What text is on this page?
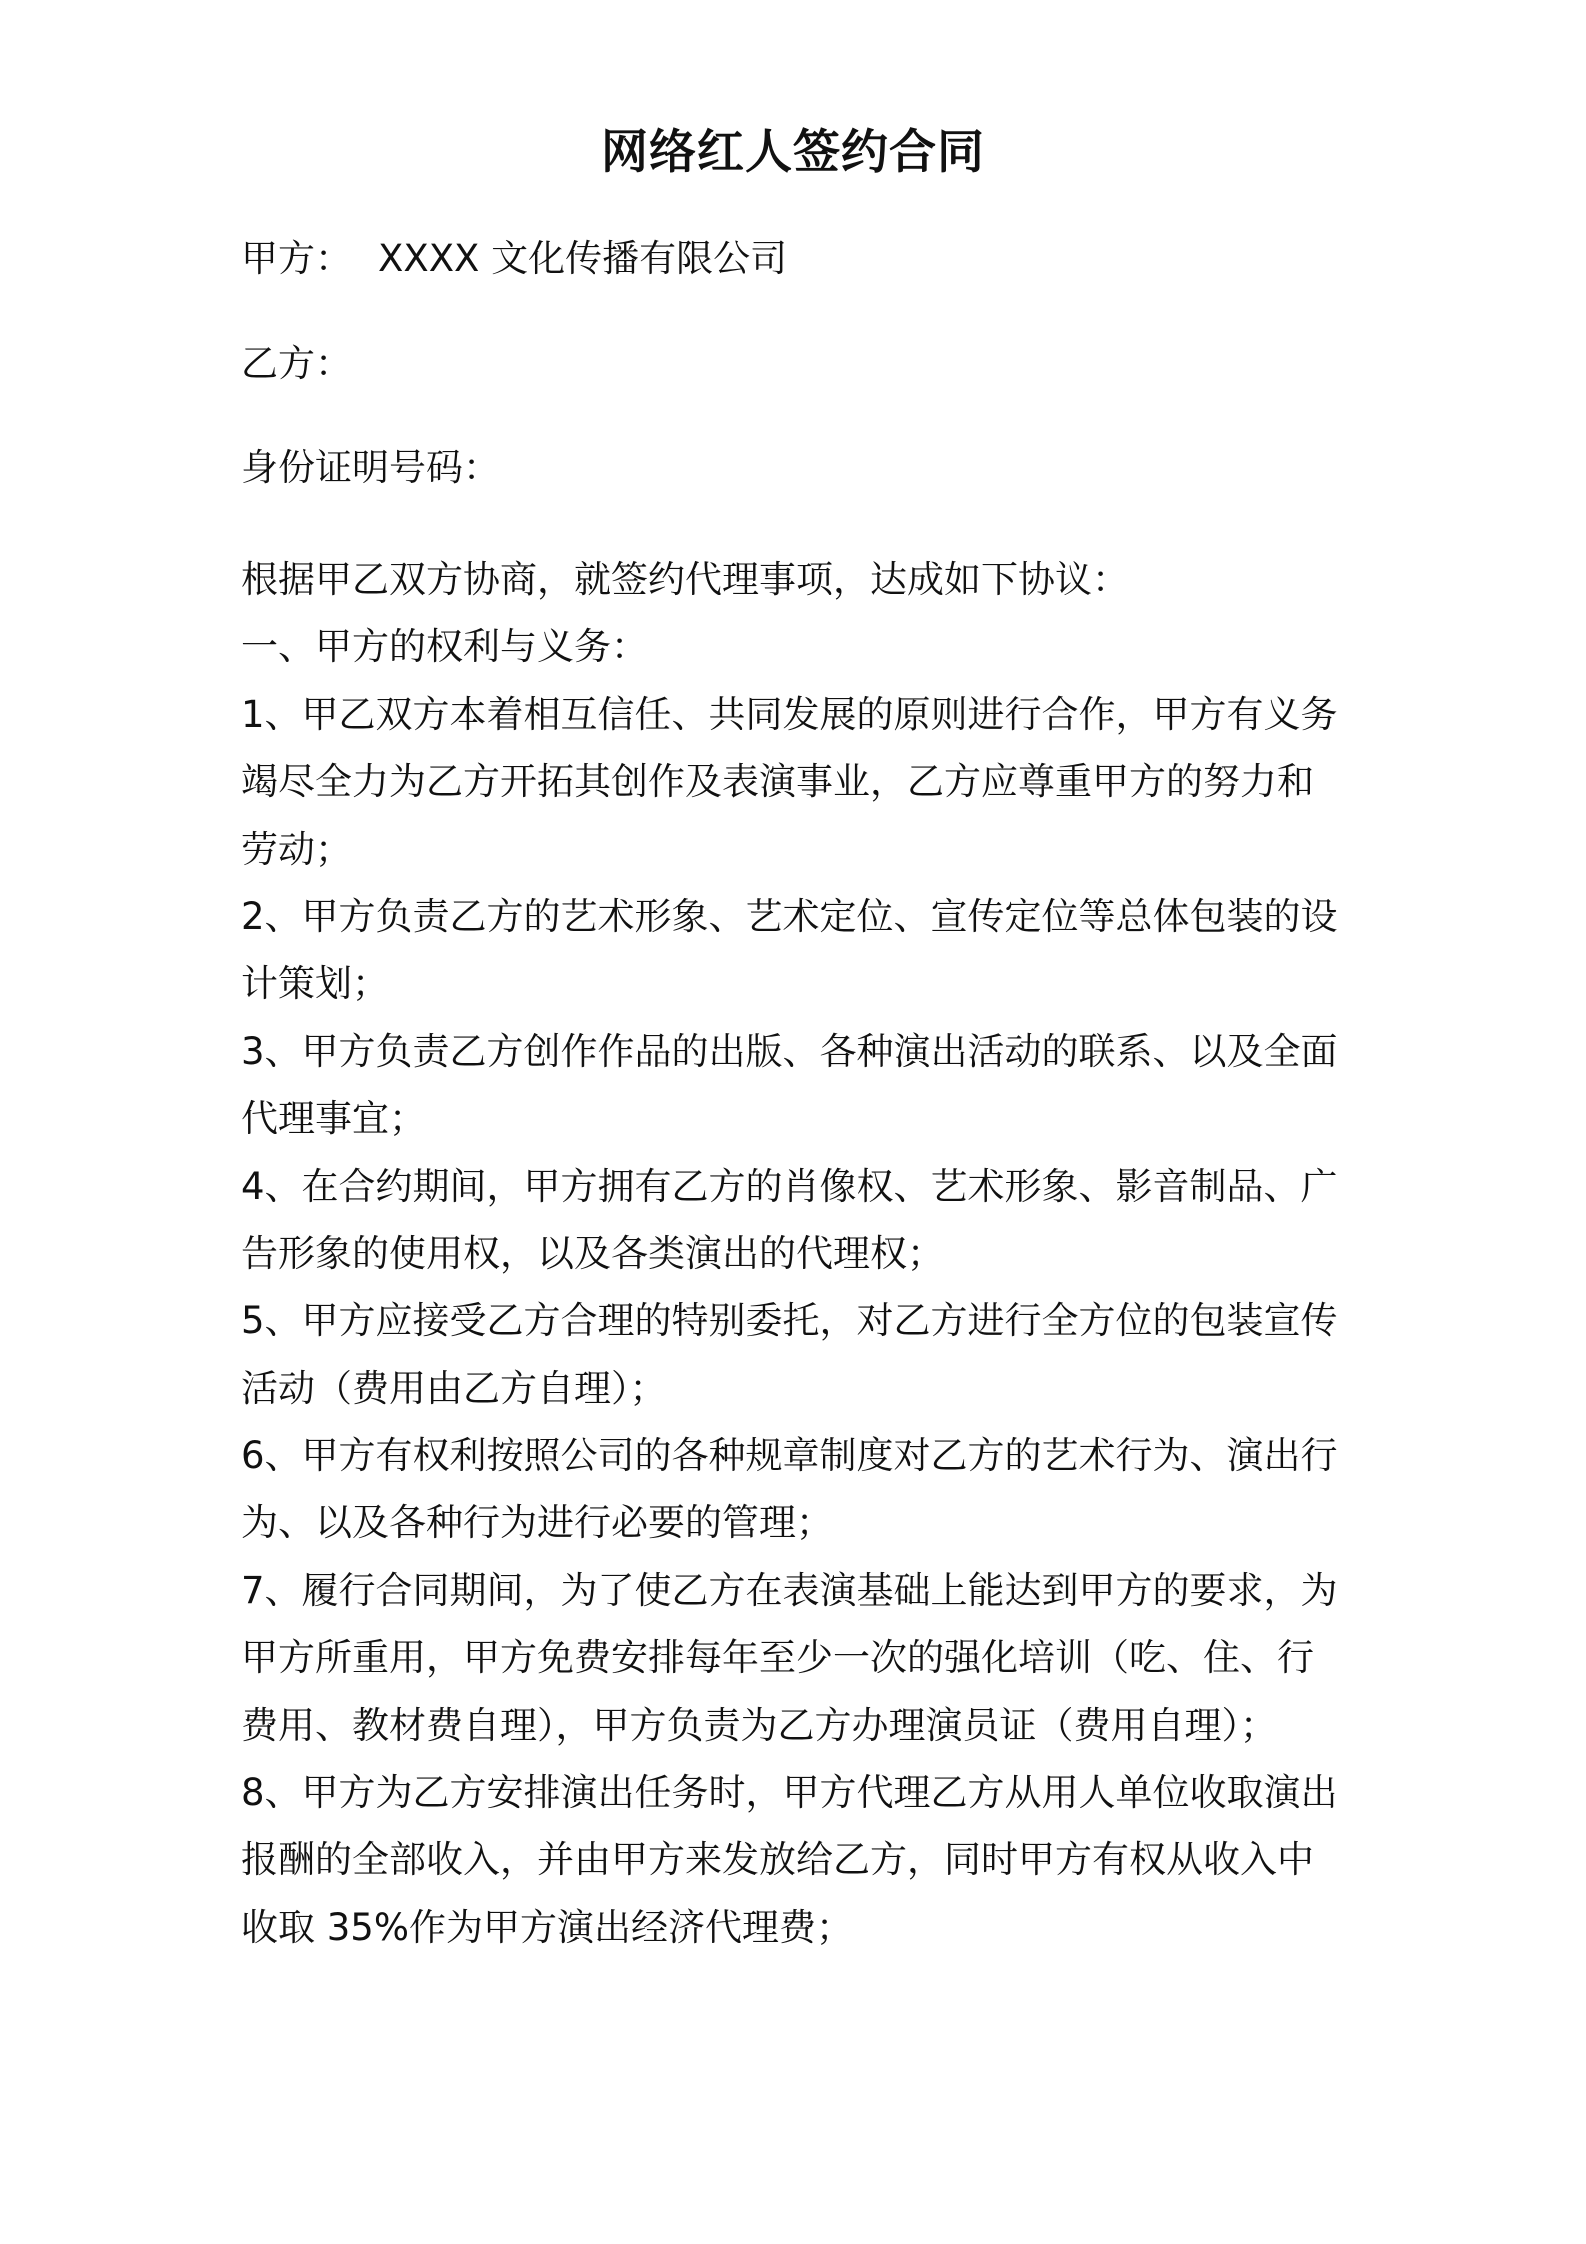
网络红人签约合同

甲方： XXXX 文化传播有限公司

乙方：

身份证明号码：

根据甲乙双方协商，就签约代理事项，达成如下协议：
一、甲方的权利与义务：
1、甲乙双方本着相互信任、共同发展的原则进行合作，甲方有义务
竭尽全力为乙方开拓其创作及表演事业，乙方应尊重甲方的努力和
劳动；
2、甲方负责乙方的艺术形象、艺术定位、宣传定位等总体包装的设
计策划；
3、甲方负责乙方创作作品的出版、各种演出活动的联系、以及全面
代理事宜；
4、在合约期间，甲方拥有乙方的肖像权、艺术形象、影音制品、广
告形象的使用权，以及各类演出的代理权；
5、甲方应接受乙方合理的特别委托，对乙方进行全方位的包装宣传
活动（费用由乙方自理）；
6、甲方有权利按照公司的各种规章制度对乙方的艺术行为、演出行
为、以及各种行为进行必要的管理；
7、履行合同期间，为了使乙方在表演基础上能达到甲方的要求，为
甲方所重用，甲方免费安排每年至少一次的强化培训（吃、住、行
费用、教材费自理），甲方负责为乙方办理演员证（费用自理）；
8、甲方为乙方安排演出任务时，甲方代理乙方从用人单位收取演出
报酬的全部收入，并由甲方来发放给乙方，同时甲方有权从收入中
收取 35%作为甲方演出经济代理费；
